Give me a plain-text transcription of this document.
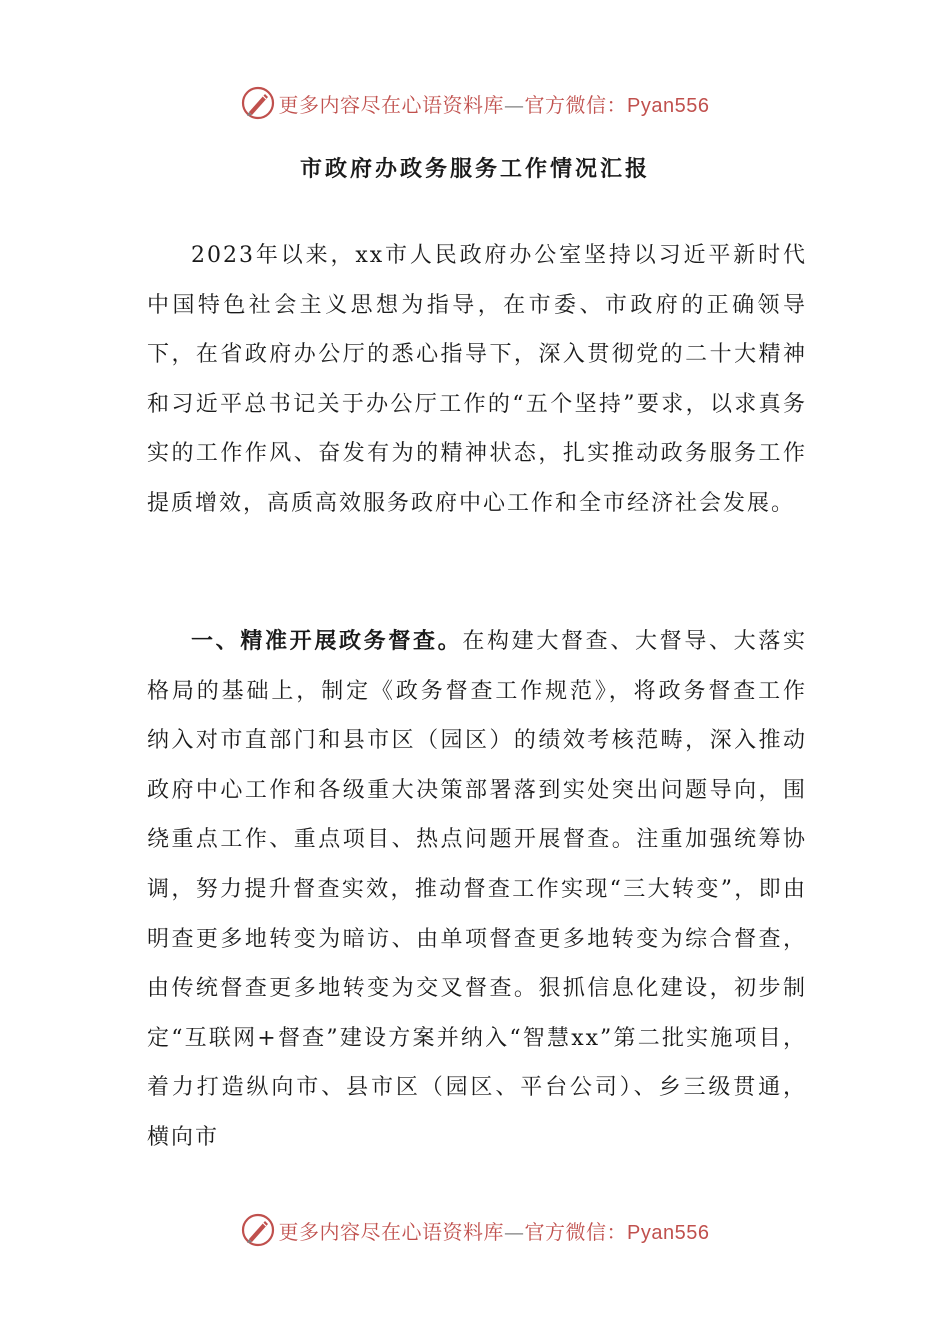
更多内容尽在心语资料库—官方微信：Pyan556
市政府办政务服务工作情况汇报

2023年以来，xx市人民政府办公室坚持以习近平新时代中国特色社会主义思想为指导，在市委、市政府的正确领导下，在省政府办公厅的悉心指导下，深入贯彻党的二十大精神和习近平总书记关于办公厅工作的“五个坚持”要求，以求真务实的工作作风、奋发有为的精神状态，扎实推动政务服务工作提质增效，高质高效服务政府中心工作和全市经济社会发展。

一、精准开展政务督查。在构建大督查、大督导、大落实格局的基础上，制定《政务督查工作规范》，将政务督查工作纳入对市直部门和县市区（园区）的绩效考核范畴，深入推动政府中心工作和各级重大决策部署落到实处突出问题导向，围绕重点工作、重点项目、热点问题开展督查。注重加强统筹协调，努力提升督查实效，推动督查工作实现“三大转变”，即由明查更多地转变为暗访、由单项督查更多地转变为综合督查，由传统督查更多地转变为交叉督查。狠抓信息化建设，初步制定“互联网+督查”建设方案并纳入“智慧xx”第二批实施项目，着力打造纵向市、县市区（园区、平台公司）、乡三级贯通，横向市

更多内容尽在心语资料库—官方微信：Pyan556
